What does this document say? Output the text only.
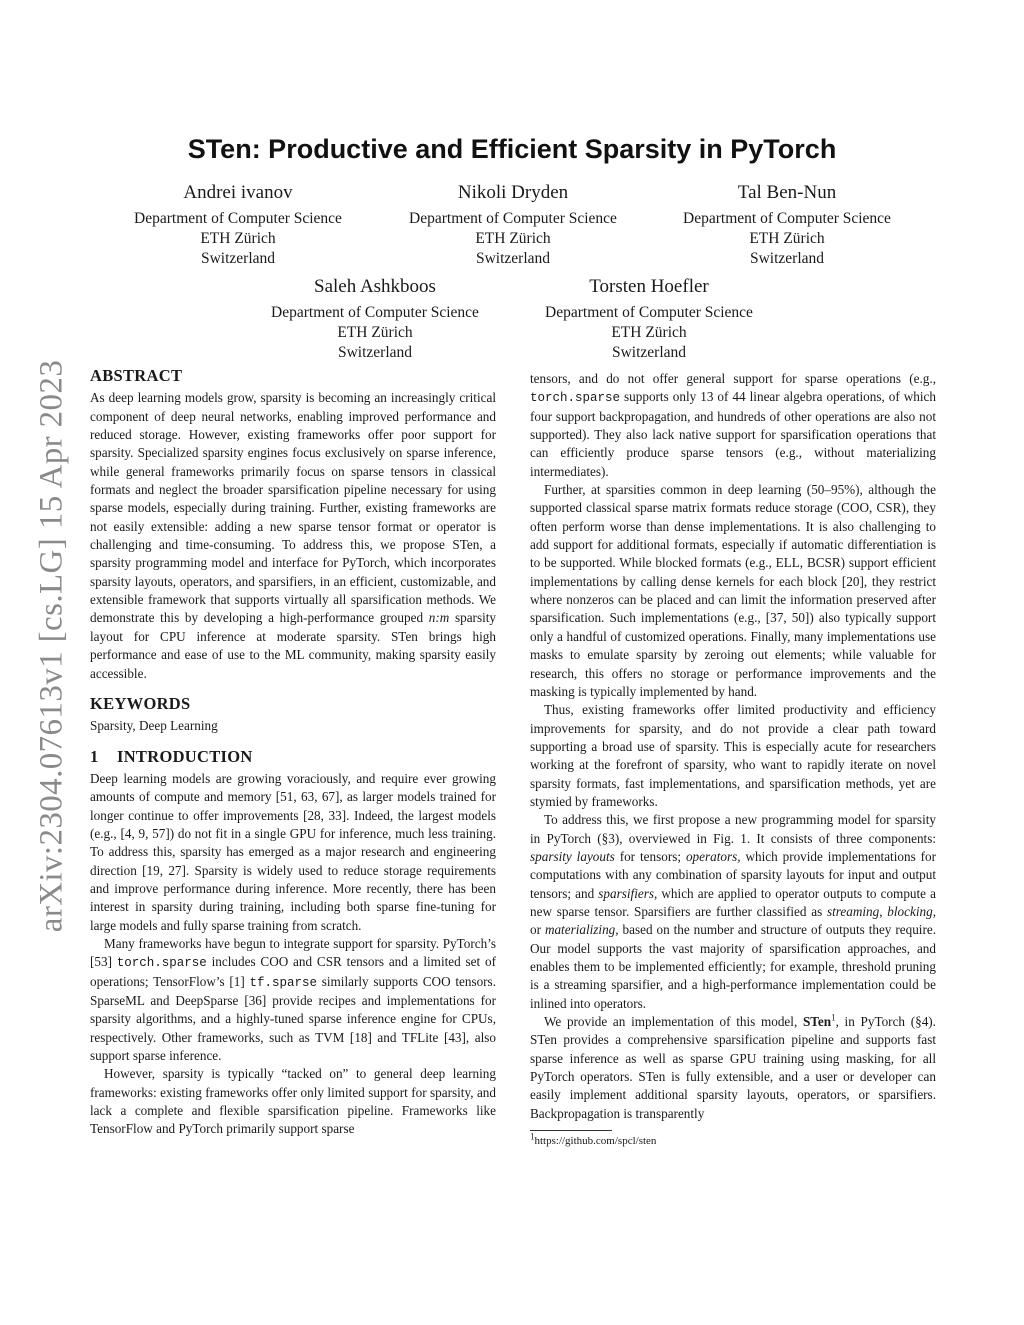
arXiv:2304.07613v1 [cs.LG] 15 Apr 2023
STen: Productive and Efficient Sparsity in PyTorch
Andrei ivanov
Department of Computer Science
ETH Zürich
Switzerland
Nikoli Dryden
Department of Computer Science
ETH Zürich
Switzerland
Tal Ben-Nun
Department of Computer Science
ETH Zürich
Switzerland
Saleh Ashkboos
Department of Computer Science
ETH Zürich
Switzerland
Torsten Hoefler
Department of Computer Science
ETH Zürich
Switzerland
ABSTRACT

As deep learning models grow, sparsity is becoming an increasingly critical component of deep neural networks, enabling improved performance and reduced storage. However, existing frameworks offer poor support for sparsity. Specialized sparsity engines focus exclusively on sparse inference, while general frameworks primarily focus on sparse tensors in classical formats and neglect the broader sparsification pipeline necessary for using sparse models, especially during training. Further, existing frameworks are not easily extensible: adding a new sparse tensor format or operator is challenging and time-consuming. To address this, we propose STen, a sparsity programming model and interface for PyTorch, which incorporates sparsity layouts, operators, and sparsifiers, in an efficient, customizable, and extensible framework that supports virtually all sparsification methods. We demonstrate this by developing a high-performance grouped n:m sparsity layout for CPU inference at moderate sparsity. STen brings high performance and ease of use to the ML community, making sparsity easily accessible.

KEYWORDS

Sparsity, Deep Learning

1 INTRODUCTION

Deep learning models are growing voraciously, and require ever growing amounts of compute and memory [51, 63, 67], as larger models trained for longer continue to offer improvements [28, 33]. Indeed, the largest models (e.g., [4, 9, 57]) do not fit in a single GPU for inference, much less training. To address this, sparsity has emerged as a major research and engineering direction [19, 27]. Sparsity is widely used to reduce storage requirements and improve performance during inference. More recently, there has been interest in sparsity during training, including both sparse fine-tuning for large models and fully sparse training from scratch.

Many frameworks have begun to integrate support for sparsity. PyTorch’s [53] torch.sparse includes COO and CSR tensors and a limited set of operations; TensorFlow’s [1] tf.sparse similarly supports COO tensors. SparseML and DeepSparse [36] provide recipes and implementations for sparsity algorithms, and a highly-tuned sparse inference engine for CPUs, respectively. Other frameworks, such as TVM [18] and TFLite [43], also support sparse inference.

However, sparsity is typically “tacked on” to general deep learning frameworks: existing frameworks offer only limited support for sparsity, and lack a complete and flexible sparsification pipeline. Frameworks like TensorFlow and PyTorch primarily support sparse

tensors, and do not offer general support for sparse operations (e.g., torch.sparse supports only 13 of 44 linear algebra operations, of which four support backpropagation, and hundreds of other operations are also not supported). They also lack native support for sparsification operations that can efficiently produce sparse tensors (e.g., without materializing intermediates).

Further, at sparsities common in deep learning (50–95%), although the supported classical sparse matrix formats reduce storage (COO, CSR), they often perform worse than dense implementations. It is also challenging to add support for additional formats, especially if automatic differentiation is to be supported. While blocked formats (e.g., ELL, BCSR) support efficient implementations by calling dense kernels for each block [20], they restrict where nonzeros can be placed and can limit the information preserved after sparsification. Such implementations (e.g., [37, 50]) also typically support only a handful of customized operations. Finally, many implementations use masks to emulate sparsity by zeroing out elements; while valuable for research, this offers no storage or performance improvements and the masking is typically implemented by hand.

Thus, existing frameworks offer limited productivity and efficiency improvements for sparsity, and do not provide a clear path toward supporting a broad use of sparsity. This is especially acute for researchers working at the forefront of sparsity, who want to rapidly iterate on novel sparsity formats, fast implementations, and sparsification methods, yet are stymied by frameworks.

To address this, we first propose a new programming model for sparsity in PyTorch (§3), overviewed in Fig. 1. It consists of three components: sparsity layouts for tensors; operators, which provide implementations for computations with any combination of sparsity layouts for input and output tensors; and sparsifiers, which are applied to operator outputs to compute a new sparse tensor. Sparsifiers are further classified as streaming, blocking, or materializing, based on the number and structure of outputs they require. Our model supports the vast majority of sparsification approaches, and enables them to be implemented efficiently; for example, threshold pruning is a streaming sparsifier, and a high-performance implementation could be inlined into operators.

We provide an implementation of this model, STen$^1$, in PyTorch (§4). STen provides a comprehensive sparsification pipeline and supports fast sparse inference as well as sparse GPU training using masking, for all PyTorch operators. STen is fully extensible, and a user or developer can easily implement additional sparsity layouts, operators, or sparsifiers. Backpropagation is transparently

$^1$https://github.com/spcl/sten
